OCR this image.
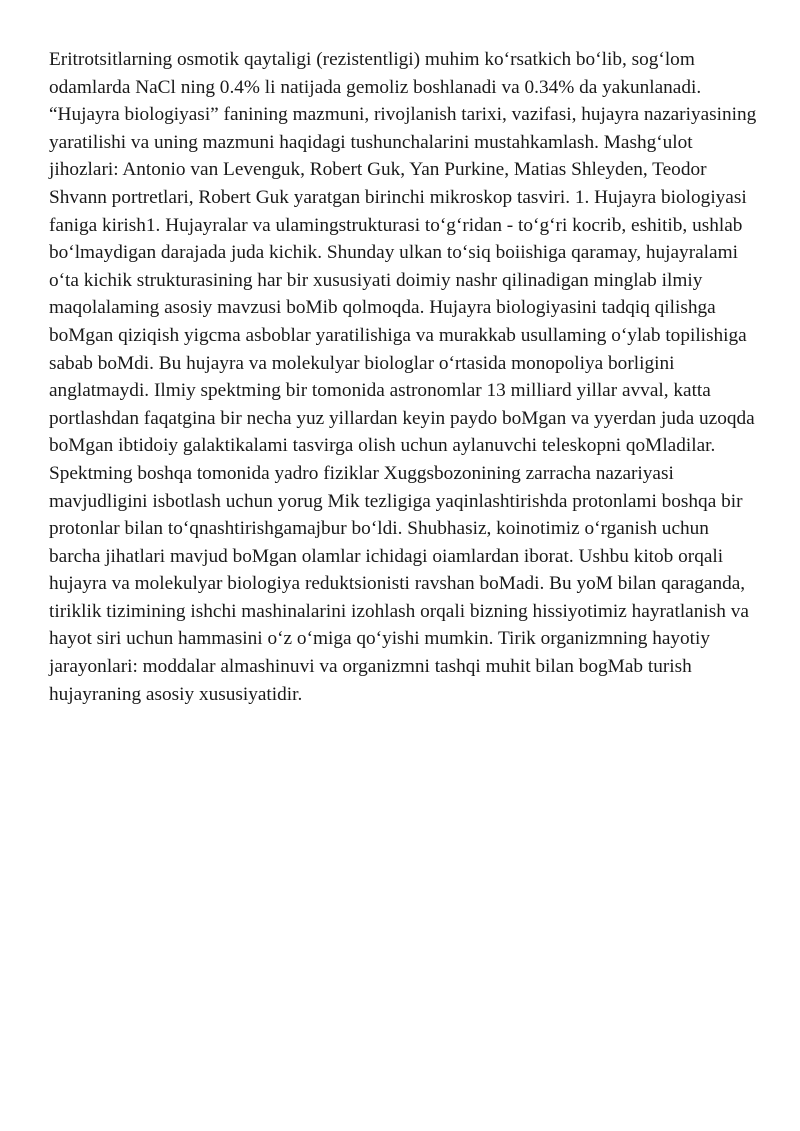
Eritrotsitlarning osmotik qaytaligi (rezistentligi) muhim ko‘rsatkich bo‘lib, sog‘lom odamlarda NaCl ning 0.4% li natijada gemoliz boshlanadi va 0.34% da yakunlanadi.

“Hujayra biologiyasi” fanining mazmuni, rivojlanish tarixi, vazifasi, hujayra nazariyasining yaratilishi va uning mazmuni haqidagi tushunchalarini mustahkamlash. Mashg‘ulot jihozlari: Antonio van Levenguk, Robert Guk, Yan Purkine, Matias Shleyden, Teodor Shvann portretlari, Robert Guk yaratgan birinchi mikroskop tasviri. 1. Hujayra biologiyasi faniga kirish1. Hujayralar va ulamingstrukturasi to‘g‘ridan - to‘g‘ri kocrib, eshitib, ushlab bo‘lmaydigan darajada juda kichik. Shunday ulkan to‘siq boiishiga qaramay, hujayralami o‘ta kichik strukturasining har bir xususiyati doimiy nashr qilinadigan minglab ilmiy maqolalaming asosiy mavzusi boMib qolmoqda. Hujayra biologiyasini tadqiq qilishga boMgan qiziqish yigcma asboblar yaratilishiga va murakkab usullaming o‘ylab topilishiga sabab boMdi. Bu hujayra va molekulyar biologlar o‘rtasida monopoliya borligini anglatmaydi. Ilmiy spektming bir tomonida astronomlar 13 milliard yillar avval, katta portlashdan faqatgina bir necha yuz yillardan keyin paydo boMgan va yyerdan juda uzoqda boMgan ibtidoiy galaktikalami tasvirga olish uchun aylanuvchi teleskopni qoMladilar. Spektming boshqa tomonida yadro fiziklar Xuggsbozonining zarracha nazariyasi mavjudligini isbotlash uchun yorug Mik tezligiga yaqinlashtirishda protonlami boshqa bir protonlar bilan to‘qnashtirishgamajbur bo‘ldi. Shubhasiz, koinotimiz o‘rganish uchun barcha jihatlari mavjud boMgan olamlar ichidagi oiamlardan iborat. Ushbu kitob orqali hujayra va molekulyar biologiya reduktsionisti ravshan boMadi. Bu yoM bilan qaraganda, tiriklik tizimining ishchi mashinalarini izohlash orqali bizning hissiyotimiz hayratlanish va hayot siri uchun hammasini o‘z o‘miga qo‘yishi mumkin. Tirik organizmning hayotiy jarayonlari: moddalar almashinuvi va organizmni tashqi muhit bilan bogMab turish hujayraning asosiy xususiyatidir.
